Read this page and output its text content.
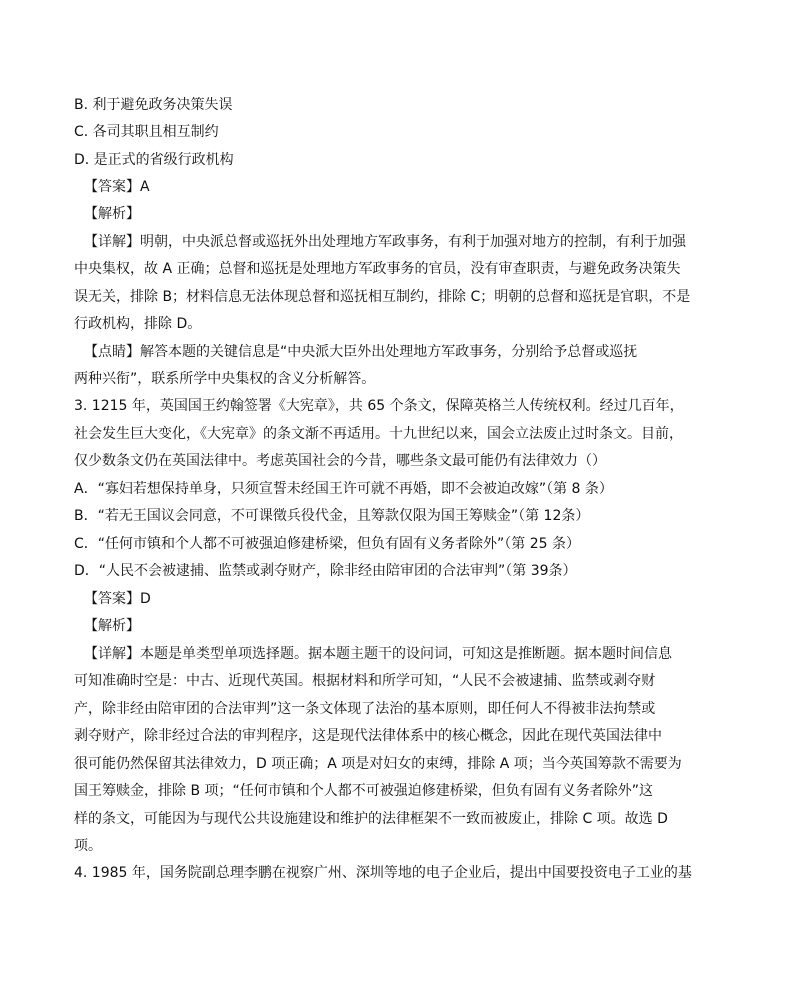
B. 利于避免政务决策失误
C. 各司其职且相互制约
D. 是正式的省级行政机构
【答案】A
【解析】
【详解】明朝，中央派总督或巡抚外出处理地方军政事务，有利于加强对地方的控制，有利于加强
中央集权，故 A 正确；总督和巡抚是处理地方军政事务的官员，没有审查职责，与避免政务决策失
误无关，排除 B；材料信息无法体现总督和巡抚相互制约，排除 C；明朝的总督和巡抚是官职，不是
行政机构，排除 D。
【点睛】解答本题的关键信息是“中央派大臣外出处理地方军政事务，分别给予总督或巡抚
两种兴衔”，联系所学中央集权的含义分析解答。
3. 1215 年，英国国王约翰签署《大宪章》，共 65 个条文，保障英格兰人传统权利。经过几百年，
社会发生巨大变化，《大宪章》的条文渐不再适用。十九世纪以来，国会立法废止过时条文。目前，
仅少数条文仍在英国法律中。考虑英国社会的今昔，哪些条文最可能仍有法律效力（）
A．“寡妇若想保持单身，只须宣誓未经国王许可就不再婚，即不会被迫改嫁”（第 8 条）
B．“若无王国议会同意，不可课徵兵役代金，且筹款仅限为国王筹赎金”（第 12条）
C．“任何市镇和个人都不可被强迫修建桥梁，但负有固有义务者除外”（第 25 条）
D．“人民不会被逮捕、监禁或剥夺财产，除非经由陪审团的合法审判”（第 39条）
【答案】D
【解析】
【详解】本题是单类型单项选择题。据本题主题干的设问词，可知这是推断题。据本题时间信息
可知准确时空是：中古、近现代英国。根据材料和所学可知，“人民不会被逮捕、监禁或剥夺财
产，除非经由陪审团的合法审判”这一条文体现了法治的基本原则，即任何人不得被非法拘禁或
剥夺财产，除非经过合法的审判程序，这是现代法律体系中的核心概念，因此在现代英国法律中
很可能仍然保留其法律效力，D 项正确；A 项是对妇女的束缚，排除 A 项；当今英国筹款不需要为
国王筹赎金，排除 B 项；“任何市镇和个人都不可被强迫修建桥梁，但负有固有义务者除外”这
样的条文，可能因为与现代公共设施建设和维护的法律框架不一致而被废止，排除 C 项。故选 D
项。
4. 1985 年，国务院副总理李鹏在视察广州、深圳等地的电子企业后，提出中国要投资电子工业的基
